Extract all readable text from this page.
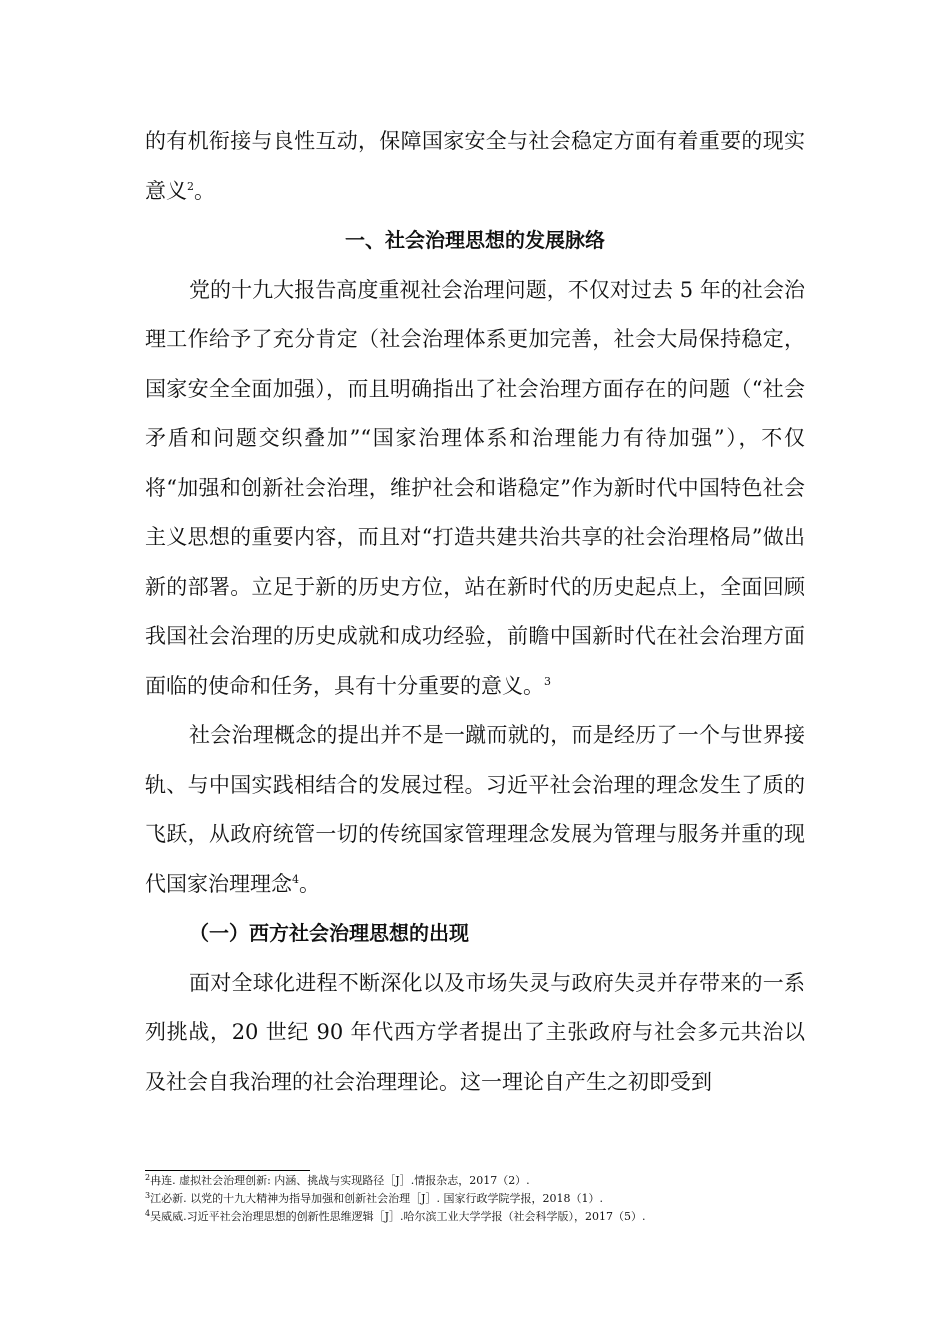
的有机衔接与良性互动，保障国家安全与社会稳定方面有着重要的现实意义$^2$。

一、社会治理思想的发展脉络

党的十九大报告高度重视社会治理问题，不仅对过去 5 年的社会治理工作给予了充分肯定（社会治理体系更加完善，社会大局保持稳定，国家安全全面加强），而且明确指出了社会治理方面存在的问题（“社会矛盾和问题交织叠加”“国家治理体系和治理能力有待加强”），不仅将“加强和创新社会治理，维护社会和谐稳定”作为新时代中国特色社会主义思想的重要内容，而且对“打造共建共治共享的社会治理格局”做出新的部署。立足于新的历史方位，站在新时代的历史起点上，全面回顾我国社会治理的历史成就和成功经验，前瞻中国新时代在社会治理方面面临的使命和任务，具有十分重要的意义。$^3$

社会治理概念的提出并不是一蹴而就的，而是经历了一个与世界接轨、与中国实践相结合的发展过程。习近平社会治理的理念发生了质的飞跃，从政府统管一切的传统国家管理理念发展为管理与服务并重的现代国家治理理念$^4$。

（一）西方社会治理思想的出现

面对全球化进程不断深化以及市场失灵与政府失灵并存带来的一系列挑战，20 世纪 90 年代西方学者提出了主张政府与社会多元共治以及社会自我治理的社会治理理论。这一理论自产生之初即受到

$^2$冉连. 虚拟社会治理创新: 内涵、挑战与实现路径［J］.情报杂志，2017（2）.

$^3$江必新. 以党的十九大精神为指导加强和创新社会治理［J］. 国家行政学院学报，2018（1）.

$^4$吴威威.习近平社会治理思想的创新性思维逻辑［J］.哈尔滨工业大学学报（社会科学版），2017（5）.
